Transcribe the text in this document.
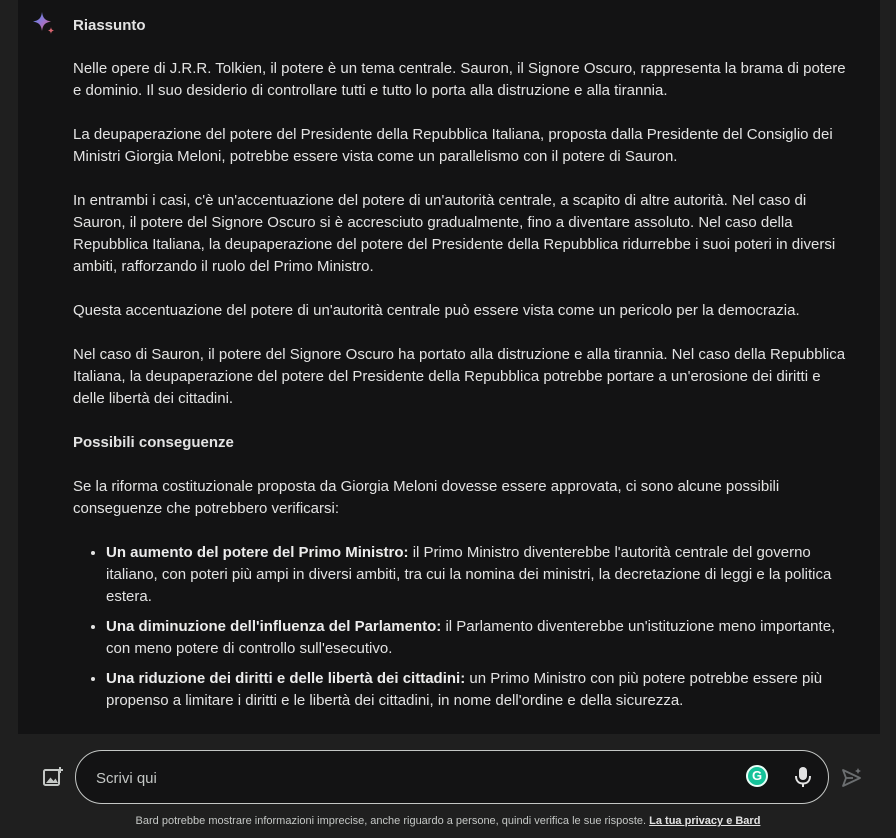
Riassunto

Nelle opere di J.R.R. Tolkien, il potere è un tema centrale. Sauron, il Signore Oscuro, rappresenta la brama di potere e dominio. Il suo desiderio di controllare tutti e tutto lo porta alla distruzione e alla tirannia.

La deupaperazione del potere del Presidente della Repubblica Italiana, proposta dalla Presidente del Consiglio dei Ministri Giorgia Meloni, potrebbe essere vista come un parallelismo con il potere di Sauron.

In entrambi i casi, c'è un'accentuazione del potere di un'autorità centrale, a scapito di altre autorità. Nel caso di Sauron, il potere del Signore Oscuro si è accresciuto gradualmente, fino a diventare assoluto. Nel caso della Repubblica Italiana, la deupaperazione del potere del Presidente della Repubblica ridurrebbe i suoi poteri in diversi ambiti, rafforzando il ruolo del Primo Ministro.

Questa accentuazione del potere di un'autorità centrale può essere vista come un pericolo per la democrazia.

Nel caso di Sauron, il potere del Signore Oscuro ha portato alla distruzione e alla tirannia. Nel caso della Repubblica Italiana, la deupaperazione del potere del Presidente della Repubblica potrebbe portare a un'erosione dei diritti e delle libertà dei cittadini.

Possibili conseguenze

Se la riforma costituzionale proposta da Giorgia Meloni dovesse essere approvata, ci sono alcune possibili conseguenze che potrebbero verificarsi:

• Un aumento del potere del Primo Ministro: il Primo Ministro diventerebbe l'autorità centrale del governo italiano, con poteri più ampi in diversi ambiti, tra cui la nomina dei ministri, la decretazione di leggi e la politica estera.
• Una diminuzione dell'influenza del Parlamento: il Parlamento diventerebbe un'istituzione meno importante, con meno potere di controllo sull'esecutivo.
• Una riduzione dei diritti e delle libertà dei cittadini: un Primo Ministro con più potere potrebbe essere più propenso a limitare i diritti e le libertà dei cittadini, in nome dell'ordine e della sicurezza.
Scrivi qui
G
Bard potrebbe mostrare informazioni imprecise, anche riguardo a persone, quindi verifica le sue risposte. La tua privacy e Bard
